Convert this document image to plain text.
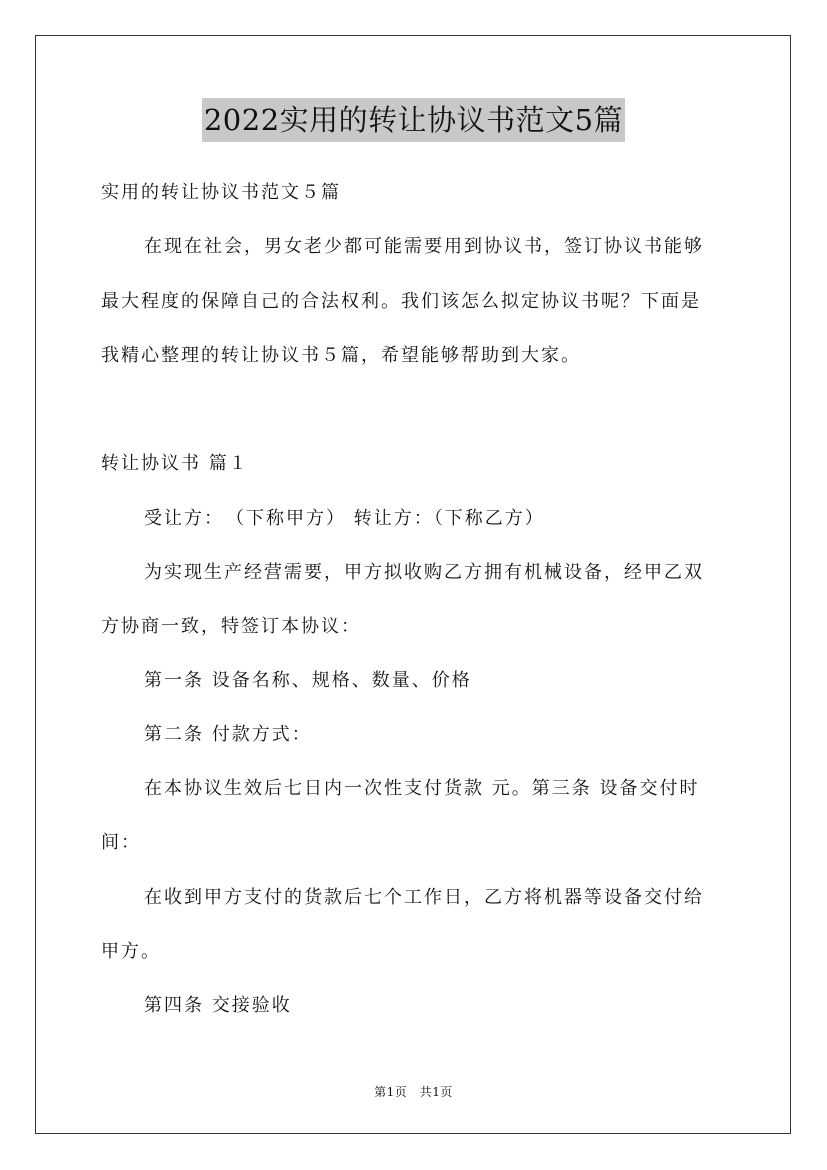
2022实用的转让协议书范文5篇
实用的转让协议书范文５篇
在现在社会，男女老少都可能需要用到协议书，签订协议书能够
最大程度的保障自己的合法权利。我们该怎么拟定协议书呢？下面是
我精心整理的转让协议书５篇，希望能够帮助到大家。
转让协议书 篇１
受让方：　（下称甲方） 转让方：（下称乙方）
为实现生产经营需要，甲方拟收购乙方拥有机械设备，经甲乙双
方协商一致，特签订本协议：
第一条 设备名称、规格、数量、价格
第二条 付款方式：
在本协议生效后七日内一次性支付货款 元。第三条 设备交付时
间：
在收到甲方支付的货款后七个工作日，乙方将机器等设备交付给
甲方。
第四条 交接验收
第1页　共1页
